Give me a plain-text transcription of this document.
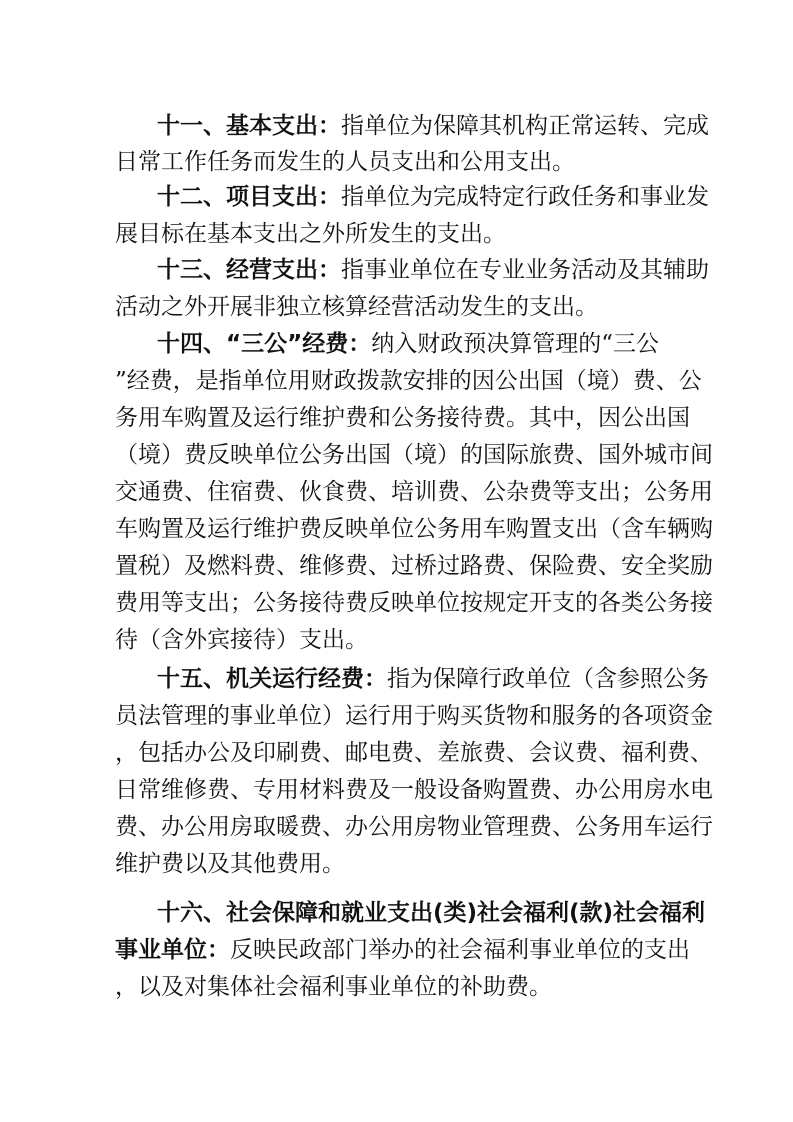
十一、基本支出：指单位为保障其机构正常运转、完成
日常工作任务而发生的人员支出和公用支出。
十二、项目支出：指单位为完成特定行政任务和事业发
展目标在基本支出之外所发生的支出。
十三、经营支出：指事业单位在专业业务活动及其辅助
活动之外开展非独立核算经营活动发生的支出。
十四、“三公”经费：纳入财政预决算管理的“三公
”经费，是指单位用财政拨款安排的因公出国（境）费、公
务用车购置及运行维护费和公务接待费。其中，因公出国
（境）费反映单位公务出国（境）的国际旅费、国外城市间
交通费、住宿费、伙食费、培训费、公杂费等支出；公务用
车购置及运行维护费反映单位公务用车购置支出（含车辆购
置税）及燃料费、维修费、过桥过路费、保险费、安全奖励
费用等支出；公务接待费反映单位按规定开支的各类公务接
待（含外宾接待）支出。
十五、机关运行经费：指为保障行政单位（含参照公务
员法管理的事业单位）运行用于购买货物和服务的各项资金
，包括办公及印刷费、邮电费、差旅费、会议费、福利费、
日常维修费、专用材料费及一般设备购置费、办公用房水电
费、办公用房取暖费、办公用房物业管理费、公务用车运行
维护费以及其他费用。
十六、社会保障和就业支出(类)社会福利(款)社会福利
事业单位：反映民政部门举办的社会福利事业单位的支出
，以及对集体社会福利事业单位的补助费。
